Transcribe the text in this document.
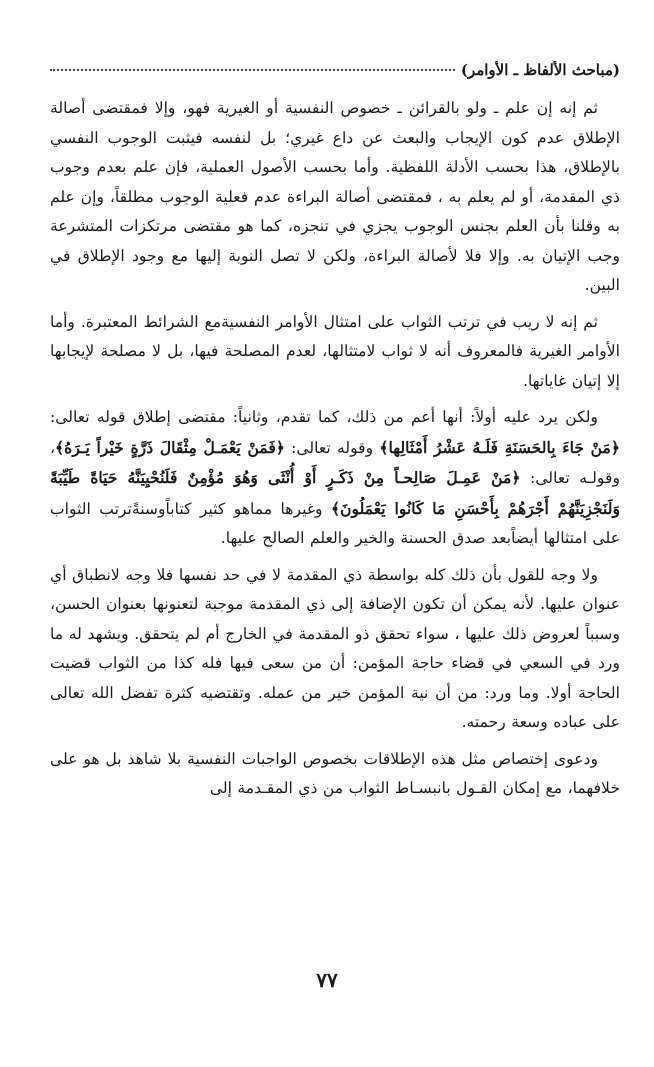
(مباحث الألفاظ ـ الأوامر)

ثم إنه إن علم ـ ولو بالقرائن ـ خصوص النفسية أو الغيرية فهو، وإلا فمقتضى أصالة الإطلاق عدم كون الإيجاب والبعث عن داع غيري؛ بل لنفسه فيثبت الوجوب النفسي بالإطلاق، هذا بحسب الأدلة اللفظية. وأما بحسب الأصول العملية، فإن علم بعدم وجوب ذي المقدمة، أو لم يعلم به ، فمقتضى أصالة البراءة عدم فعلية الوجوب مطلقاً، وإن علم به وقلنا بأن العلم بجنس الوجوب يجزي في تنجزه، كما هو مقتضى مرتكزات المتشرعة وجب الإتيان به. وإلا فلا لأصالة البراءة، ولكن لا تصل النوبة إليها مع وجود الإطلاق في البين.

ثم إنه لا ريب في ترتب الثواب على امتثال الأوامر النفسيةمع الشرائط المعتبرة. وأما الأوامر الغيرية فالمعروف أنه لا ثواب لامتثالها، لعدم المصلحة فيها، بل لا مصلحة لإيجابها إلا إتيان غاياتها.

ولكن يرد عليه أولاً: أنها أعم من ذلك، كما تقدم، وثانياً: مقتضى إطلاق قوله تعالى: ﴿مَنْ جَاءَ بِالحَسَنَةِ فَلَـهُ عَشْرُ أَمْثَالِها﴾ وقوله تعالى: ﴿فَمَنْ يَعْمَـلْ مِثْقَالَ ذَرَّةٍ خَيْراً يَـرَهُ﴾، وقولـه تعالى: ﴿مَنْ عَمِـلَ صَالِحـاً مِنْ ذَكَـرٍ أَوْ أُنْثَى وَهُوَ مُؤْمِنٌ فَلَنُحْيِيَنَّهُ حَيَاةً طَيِّبَةً وَلَنَجْزِيَنَّهُمْ أَجْرَهُمْ بِأَحْسَنِ مَا كَانُوا يَعْمَلُونَ﴾ وغيرها مماهو كثير كتاباًوسنةًترتب الثواب على امتثالها أيضاًبعد صدق الحسنة والخير والعلم الصالح عليها.

ولا وجه للقول بأن ذلك كله بواسطة ذي المقدمة لا في حد نفسها فلا وجه لانطباق أي عنوان عليها. لأنه يمكن أن تكون الإضافة إلى ذي المقدمة موجبة لتعنونها بعنوان الحسن، وسبباً لعروض ذلك عليها ، سواء تحقق ذو المقدمة في الخارج أم لم يتحقق. ويشهد له ما ورد في السعي في قضاء حاجة المؤمن: أن من سعى فيها فله كذا من الثواب قضيت الحاجة أولا. وما ورد: من أن نية المؤمن خير من عمله. وتقتضيه كثرة تفضل الله تعالى على عباده وسعة رحمته.

ودعوى إختصاص مثل هذه الإطلاقات بخصوص الواجبات النفسية بلا شاهد بل هو على خلافهما، مع إمكان القـول بانبسـاط الثواب من ذي المقـدمة إلى

٧٧
